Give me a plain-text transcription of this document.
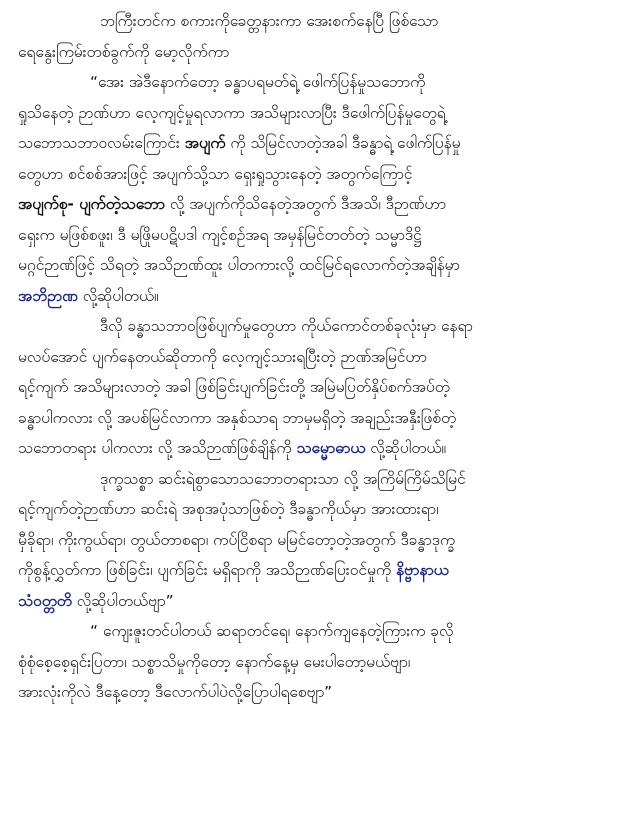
ဘကြီးတင်က စကားကိုခေတ္တနားကာ အေးစက်နေပြီ ဖြစ်သော
ရေနွေးကြမ်းတစ်ခွက်ကို မော့လိုက်ကာ
“အေး အဲဒီနောက်တော့ ခန္ဓာပရမတ်ရဲ့ ဖေါက်ပြန်မှုသဘောကို
ရှုသိနေတဲ့ ဉာဏ်ဟာ လေ့ကျင့်မှုရလာကာ အသိများလာပြီး ဒီဖေါက်ပြန်မှုတွေရဲ့
သဘောသဘာဝလမ်းကြောင်း အပျက် ကို သိမြင်လာတဲ့အခါ ဒီခန္ဓာရဲ့ ဖေါက်ပြန်မှု
တွေဟာ စင်စစ်အားဖြင့် အပျက်သို့သာ ရှေးရှုသွားနေတဲ့ အတွက်ကြောင့်
အပျက်စု- ပျက်တဲ့သဘော လို့ အပျက်ကိုသိနေတဲ့အတွက် ဒီအသိ၊ ဒီဉာဏ်ဟာ
ရှေးက မဖြစ်စဖူး၊ ဒီ မဖြိုမပဋိပဒါ ကျင့်စဉ်အရ အမှန်မြင်တတ်တဲ့ သမ္မာဒိဋ္ဌိ
မဂ္ဂင်ဉာဏ်ဖြင့် သိရတဲ့ အသိဉာဏ်ထူး ပါတကားလို့ ထင်မြင်ရလောက်တဲ့အချိန်မှာ
အဘိဉာဏ လို့ဆိုပါတယ်။
ဒီလို ခန္ဓာသဘာဝဖြစ်ပျက်မှုတွေဟာ ကိုယ်ကောင်တစ်ခုလုံးမှာ နေရာ
မလပ်အောင် ပျက်နေတယ်ဆိုတာကို လေ့ကျင့်သားရပြီးတဲ့ ဉာဏ်အမြင်ဟာ
ရင့်ကျက် အသိများလာတဲ့ အခါ ဖြစ်ခြင်းပျက်ခြင်းတို့ အမြဲမပြတ်နှိပ်စက်အပ်တဲ့
ခန္ဓာပါကလား လို့ အပစ်မြင်လာကာ အနှစ်သာရ ဘာမှမရှိတဲ့ အချည်းအနှီးဖြစ်တဲ့
သဘောတရား ပါကလား လို့ အသိဉာဏ်ဖြစ်ချိန်ကို သမ္မောဓာယ လို့ဆိုပါတယ်။
ဒုက္ခသစ္စာ ဆင်းရဲစွာသောသဘောတရားသာ လို့ အကြိမ်ကြိမ်သိမြင်
ရင့်ကျက်တဲ့ဉာဏ်ဟာ ဆင်းရဲ အစုအပုံသာဖြစ်တဲ့ ဒီခန္ဓာကိုယ်မှာ အားထားရာ၊
မှီခိုရာ၊ ကိုးကွယ်ရာ၊ တွယ်တာစရာ၊ ကပ်ငြိစရာ မမြင်တော့တဲ့အတွက် ဒီခန္ဓာဒုက္ခ
ကိုစွန့်လွှတ်ကာ ဖြစ်ခြင်း၊ ပျက်ခြင်း မရှိရာကို အသိဉာဏ်ပြေးဝင်မှုကို နိဗ္ဗာနာယ
သံဝတ္တတိ လို့ဆိုပါတယ်ဗျာ”
“ ကျေးဇူးတင်ပါတယ် ဆရာတင်ရေ၊ နောက်ကျနေတဲ့ကြားက ခုလို
စုံစုံစေ့စေ့ရှင်းပြတာ၊ သစ္စာသိမှုကိုတော့ နောက်နေ့မှ မေးပါတော့မယ်ဗျာ၊
အားလုံးကိုလဲ ဒီနေ့တော့ ဒီလောက်ပါပဲလို့ပြောပါရစေဗျာ”
